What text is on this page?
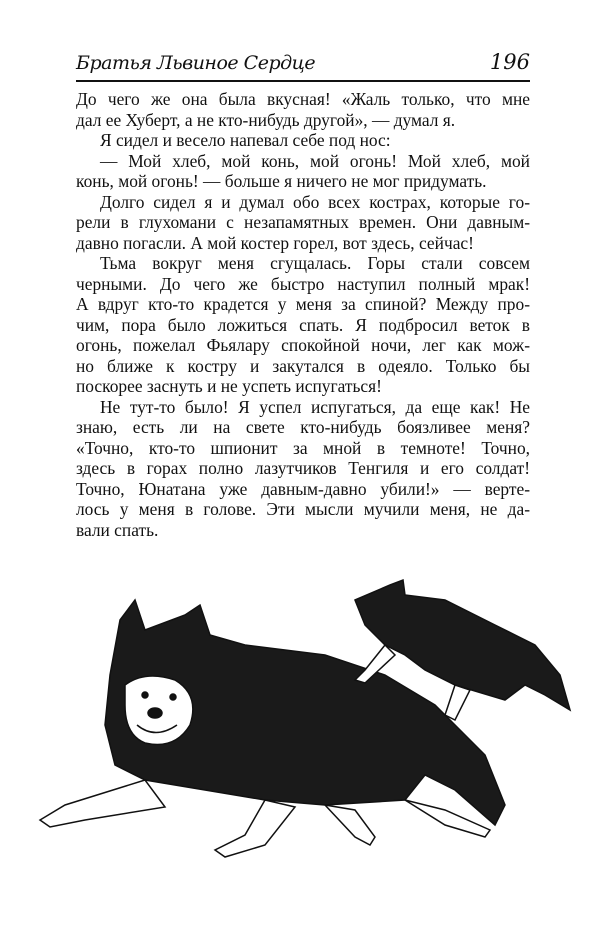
Братья Львиное Сердце	196
До чего же она была вкусная! «Жаль только, что мне
дал ее Хуберт, а не кто-нибудь другой», — думал я.
Я сидел и весело напевал себе под нос:
— Мой хлеб, мой конь, мой огонь! Мой хлеб, мой
конь, мой огонь! — больше я ничего не мог придумать.
Долго сидел я и думал обо всех кострах, которые го-
рели в глухомани с незапамятных времен. Они давным-
давно погасли. А мой костер горел, вот здесь, сейчас!
Тьма вокруг меня сгущалась. Горы стали совсем
черными. До чего же быстро наступил полный мрак!
А вдруг кто-то крадется у меня за спиной? Между про-
чим, пора было ложиться спать. Я подбросил веток в
огонь, пожелал Фьялару спокойной ночи, лег как мож-
но ближе к костру и закутался в одеяло. Только бы
поскорее заснуть и не успеть испугаться!
Не тут-то было! Я успел испугаться, да еще как! Не
знаю, есть ли на свете кто-нибудь боязливее меня?
«Точно, кто-то шпионит за мной в темноте! Точно,
здесь в горах полно лазутчиков Тенгиля и его солдат!
Точно, Юнатана уже давным-давно убили!» — верте-
лось у меня в голове. Эти мысли мучили меня, не да-
вали спать.
